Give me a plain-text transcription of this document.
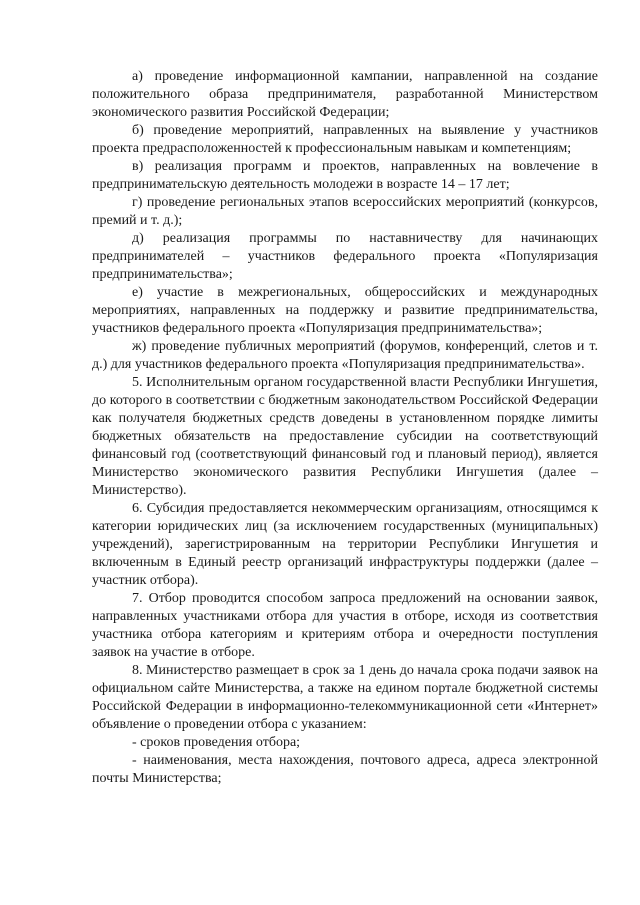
а) проведение информационной кампании, направленной на создание положительного образа предпринимателя, разработанной Министерством экономического развития Российской Федерации;

б) проведение мероприятий, направленных на выявление у участников проекта предрасположенностей к профессиональным навыкам и компетенциям;

в) реализация программ и проектов, направленных на вовлечение в предпринимательскую деятельность молодежи в возрасте 14 – 17 лет;

г) проведение региональных этапов всероссийских мероприятий (конкурсов, премий и т. д.);

д) реализация программы по наставничеству для начинающих предпринимателей – участников федерального проекта «Популяризация предпринимательства»;

е) участие в межрегиональных, общероссийских и международных мероприятиях, направленных на поддержку и развитие предпринимательства, участников федерального проекта «Популяризация предпринимательства»;

ж) проведение публичных мероприятий (форумов, конференций, слетов и т. д.) для участников федерального проекта «Популяризация предпринимательства».

5. Исполнительным органом государственной власти Республики Ингушетия, до которого в соответствии с бюджетным законодательством Российской Федерации как получателя бюджетных средств доведены в установленном порядке лимиты бюджетных обязательств на предоставление субсидии на соответствующий финансовый год (соответствующий финансовый год и плановый период), является Министерство экономического развития Республики Ингушетия (далее – Министерство).

6. Субсидия предоставляется некоммерческим организациям, относящимся к категории юридических лиц (за исключением государственных (муниципальных) учреждений), зарегистрированным на территории Республики Ингушетия и включенным в Единый реестр организаций инфраструктуры поддержки (далее – участник отбора).

7. Отбор проводится способом запроса предложений на основании заявок, направленных участниками отбора для участия в отборе, исходя из соответствия участника отбора категориям и критериям отбора и очередности поступления заявок на участие в отборе.

8. Министерство размещает в срок за 1 день до начала срока подачи заявок на официальном сайте Министерства, а также на едином портале бюджетной системы Российской Федерации в информационно-телекоммуникационной сети «Интернет» объявление о проведении отбора с указанием:

- сроков проведения отбора;

- наименования, места нахождения, почтового адреса, адреса электронной почты Министерства;
